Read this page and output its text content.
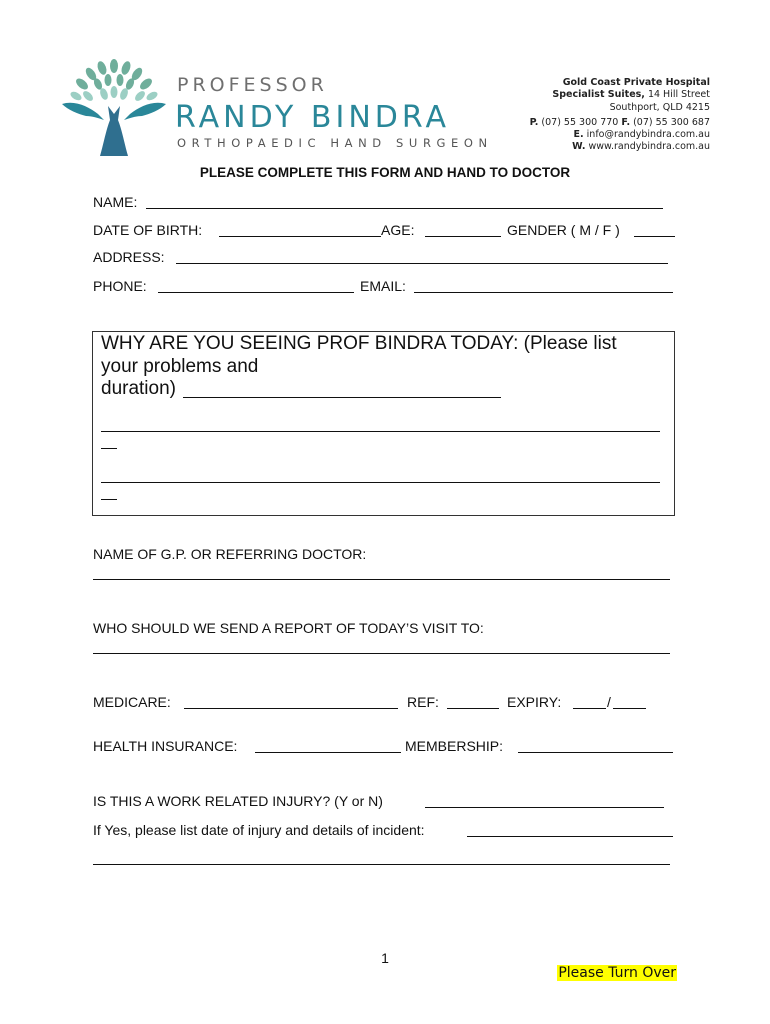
PROFESSOR
RANDY BINDRA
ORTHOPAEDIC HAND SURGEON
Gold Coast Private Hospital
Specialist Suites, 14 Hill Street
Southport, QLD 4215
P. (07) 55 300 770 F. (07) 55 300 687
E. info@randybindra.com.au
W. www.randybindra.com.au
PLEASE COMPLETE THIS FORM AND HAND TO DOCTOR
NAME:
DATE OF BIRTH:	AGE:	GENDER ( M / F )
ADDRESS:
PHONE:	EMAIL:
WHY ARE YOU SEEING PROF BINDRA TODAY: (Please list
your problems and
duration)
NAME OF G.P. OR REFERRING DOCTOR:
WHO SHOULD WE SEND A REPORT OF TODAY’S VISIT TO:
MEDICARE:	REF:	EXPIRY:	/
HEALTH INSURANCE:	MEMBERSHIP:
IS THIS A WORK RELATED INJURY? (Y or N)
If Yes, please list date of injury and details of incident:
1
Please Turn Over
